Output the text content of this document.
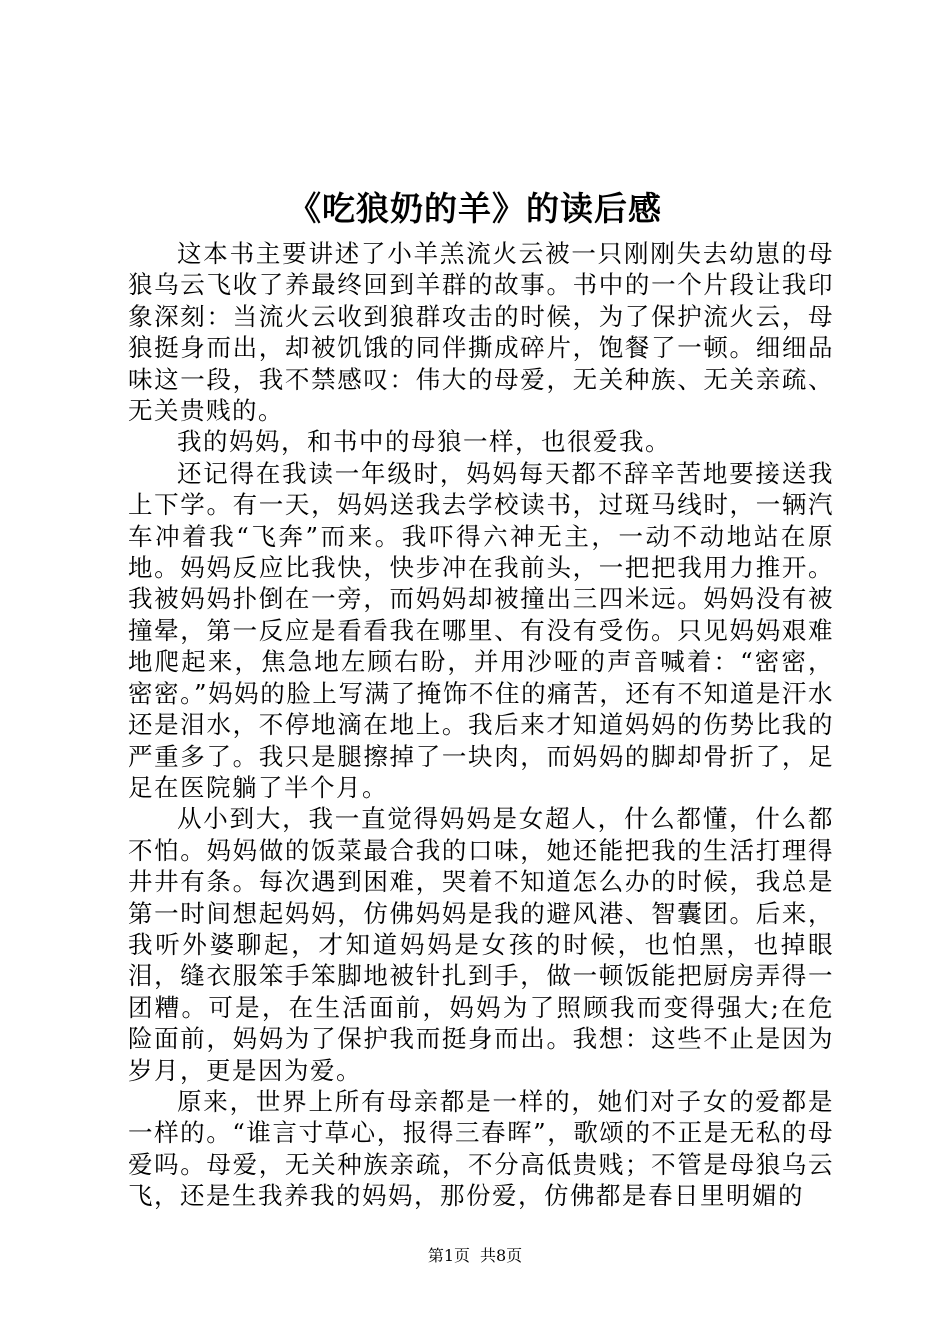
《吃狼奶的羊》的读后感

这本书主要讲述了小羊羔流火云被一只刚刚失去幼崽的母狼乌云飞收了养最终回到羊群的故事。书中的一个片段让我印象深刻：当流火云收到狼群攻击的时候，为了保护流火云，母狼挺身而出，却被饥饿的同伴撕成碎片，饱餐了一顿。细细品味这一段，我不禁感叹：伟大的母爱，无关种族、无关亲疏、无关贵贱的。

我的妈妈，和书中的母狼一样，也很爱我。

还记得在我读一年级时，妈妈每天都不辞辛苦地要接送我上下学。有一天，妈妈送我去学校读书，过斑马线时，一辆汽车冲着我“飞奔”而来。我吓得六神无主，一动不动地站在原地。妈妈反应比我快，快步冲在我前头，一把把我用力推开。我被妈妈扑倒在一旁，而妈妈却被撞出三四米远。妈妈没有被撞晕，第一反应是看看我在哪里、有没有受伤。只见妈妈艰难地爬起来，焦急地左顾右盼，并用沙哑的声音喊着：“密密，密密。”妈妈的脸上写满了掩饰不住的痛苦，还有不知道是汗水还是泪水，不停地滴在地上。我后来才知道妈妈的伤势比我的严重多了。我只是腿擦掉了一块肉，而妈妈的脚却骨折了，足足在医院躺了半个月。

从小到大，我一直觉得妈妈是女超人，什么都懂，什么都不怕。妈妈做的饭菜最合我的口味，她还能把我的生活打理得井井有条。每次遇到困难，哭着不知道怎么办的时候，我总是第一时间想起妈妈，仿佛妈妈是我的避风港、智囊团。后来，我听外婆聊起，才知道妈妈是女孩的时候，也怕黑，也掉眼泪，缝衣服笨手笨脚地被针扎到手，做一顿饭能把厨房弄得一团糟。可是，在生活面前，妈妈为了照顾我而变得强大;在危险面前，妈妈为了保护我而挺身而出。我想：这些不止是因为岁月，更是因为爱。

原来，世界上所有母亲都是一样的，她们对子女的爱都是一样的。“谁言寸草心，报得三春晖”，歌颂的不正是无私的母爱吗。母爱，无关种族亲疏，不分高低贵贱；不管是母狼乌云飞，还是生我养我的妈妈，那份爱，仿佛都是春日里明媚的

第1页 共8页
